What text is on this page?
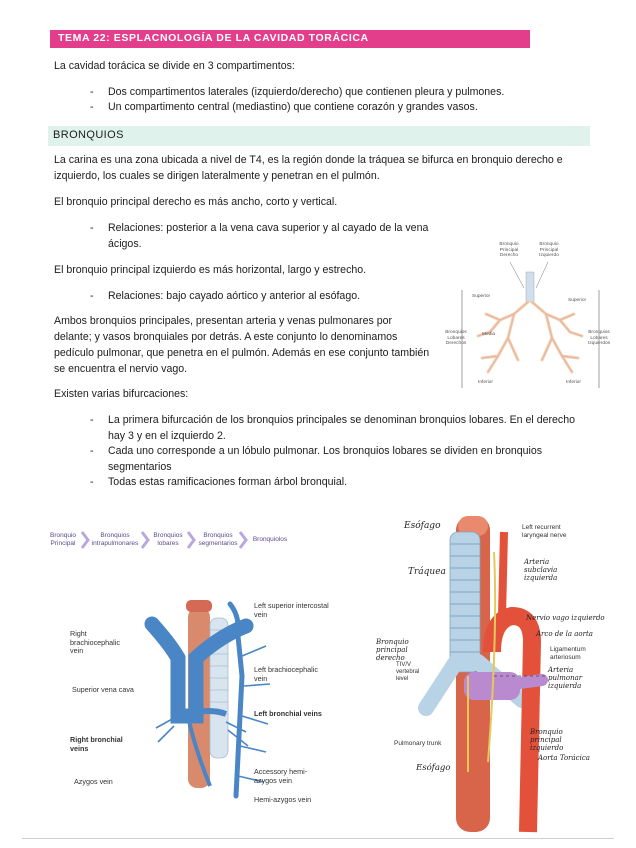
TEMA 22: ESPLACNOLOGÍA DE LA CAVIDAD TORÁCICA
La cavidad torácica se divide en 3 compartimentos:
- Dos compartimentos laterales (izquierdo/derecho) que contienen pleura y pulmones.
- Un compartimento central (mediastino) que contiene corazón y grandes vasos.
BRONQUIOS
La carina es una zona ubicada a nivel de T4, es la región donde la tráquea se bifurca en bronquio derecho e
izquierdo, los cuales se dirigen lateralmente y penetran en el pulmón.
El bronquio principal derecho es más ancho, corto y vertical.
- Relaciones: posterior a la vena cava superior y al cayado de la vena
ácigos.
El bronquio principal izquierdo es más horizontal, largo y estrecho.
- Relaciones: bajo cayado aórtico y anterior al esófago.
Ambos bronquios principales, presentan arteria y venas pulmonares por
delante; y vasos bronquiales por detrás. A este conjunto lo denominamos
pedículo pulmonar, que penetra en el pulmón. Además en ese conjunto también
se encuentra el nervio vago.
Existen varias bifurcaciones:
- La primera bifurcación de los bronquios principales se denominan bronquios lobares. En el derecho
hay 3 y en el izquierdo 2.
- Cada uno corresponde a un lóbulo pulmonar. Los bronquios lobares se dividen en bronquios
segmentarios
- Todas estas ramificaciones forman árbol bronquial.
Bronquio Principal Derecho
Bronquio Principal Izquierdo
Superior
Superior
Media
Bronquios Lobares Derechos
Bronquios Lobares Izquierdos
Inferior	Inferior
Bronquio Principal
Bronquios intrapulmonares
Bronquios lobares
Bronquios segmentarios
Bronquiolos
Right brachiocephalic vein
Superior vena cava
Right bronchial veins
Azygos vein
Left superior intercostal vein
Left brachiocephalic vein
Left bronchial veins
Accessory hemi-azygos vein
Hemi-azygos vein
Esófago
Tráquea
Bronquio principal derecho
TIV/V vertebral level
Pulmonary trunk
Esófago
Left recurrent laryngeal nerve
Arteria subclavia izquierda
Nervio vago izquierdo
Arco de la aorta
Ligamentum arteriosum
Arteria pulmonar izquierda
Bronquio principal izquierdo
Aorta Torácica
